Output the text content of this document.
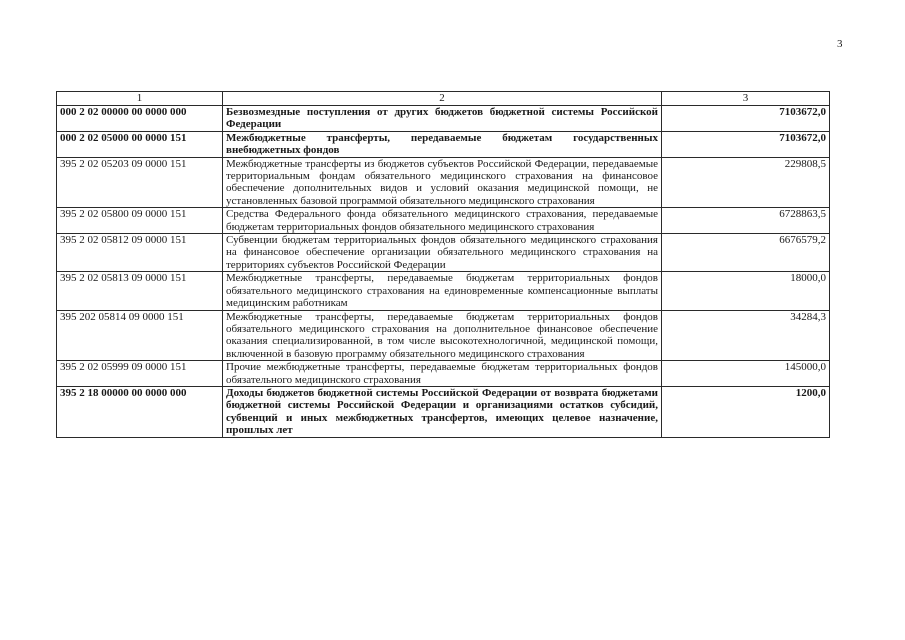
3
1	2	3
000 2 02 00000 00 0000 000	Безвозмездные поступления от других бюджетов бюджетной системы Российской Федерации	7103672,0
000 2 02 05000 00 0000 151	Межбюджетные трансферты, передаваемые бюджетам государственных внебюджетных фондов	7103672,0
395 2 02 05203 09 0000 151	Межбюджетные трансферты из бюджетов субъектов Российской Федерации, передаваемые территориальным фондам обязательного медицинского страхования на финансовое обеспечение дополнительных видов и условий оказания медицинской помощи, не установленных базовой программой обязательного медицинского страхования	229808,5
395 2 02 05800 09 0000 151	Средства Федерального фонда обязательного медицинского страхования, передаваемые бюджетам территориальных фондов обязательного медицинского страхования	6728863,5
395 2 02 05812 09 0000 151	Субвенции бюджетам территориальных фондов обязательного медицинского страхования на финансовое обеспечение организации обязательного медицинского страхования на территориях субъектов Российской Федерации	6676579,2
395 2 02 05813 09 0000 151	Межбюджетные трансферты, передаваемые бюджетам территориальных фондов обязательного медицинского страхования на единовременные компенсационные выплаты медицинским работникам	18000,0
395 202 05814 09 0000 151	Межбюджетные трансферты, передаваемые бюджетам территориальных фондов обязательного медицинского страхования на дополнительное финансовое обеспечение оказания специализированной, в том числе высокотехнологичной, медицинской помощи, включенной в базовую программу обязательного медицинского страхования	34284,3
395 2 02 05999 09 0000 151	Прочие межбюджетные трансферты, передаваемые бюджетам территориальных фондов обязательного медицинского страхования	145000,0
395 2 18 00000 00 0000 000	Доходы бюджетов бюджетной системы Российской Федерации от возврата бюджетами бюджетной системы Российской Федерации и организациями остатков субсидий, субвенций и иных межбюджетных трансфертов, имеющих целевое назначение, прошлых лет	1200,0
